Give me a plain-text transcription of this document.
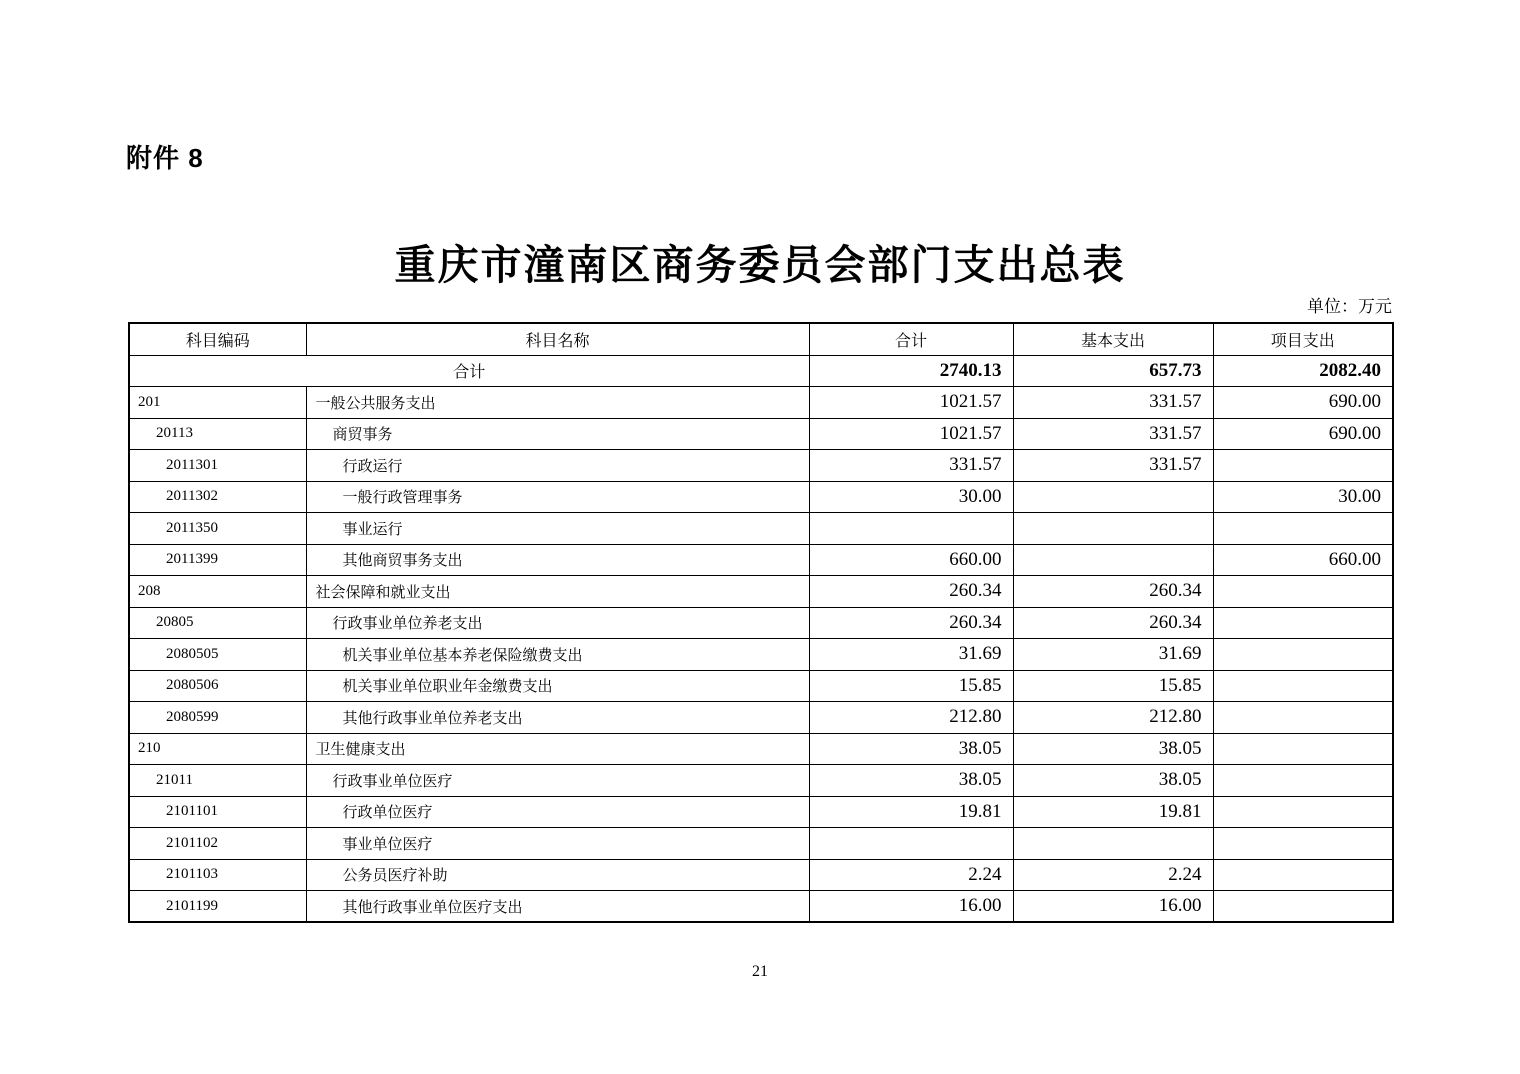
附件 8
重庆市潼南区商务委员会部门支出总表
单位：万元
科目编码	科目名称	合计	基本支出	项目支出
合计		2740.13	657.73	2082.40
201	一般公共服务支出	1021.57	331.57	690.00
20113	商贸事务	1021.57	331.57	690.00
2011301	行政运行	331.57	331.57	
2011302	一般行政管理事务	30.00		30.00
2011350	事业运行			
2011399	其他商贸事务支出	660.00		660.00
208	社会保障和就业支出	260.34	260.34	
20805	行政事业单位养老支出	260.34	260.34	
2080505	机关事业单位基本养老保险缴费支出	31.69	31.69	
2080506	机关事业单位职业年金缴费支出	15.85	15.85	
2080599	其他行政事业单位养老支出	212.80	212.80	
210	卫生健康支出	38.05	38.05	
21011	行政事业单位医疗	38.05	38.05	
2101101	行政单位医疗	19.81	19.81	
2101102	事业单位医疗			
2101103	公务员医疗补助	2.24	2.24	
2101199	其他行政事业单位医疗支出	16.00	16.00	
21
